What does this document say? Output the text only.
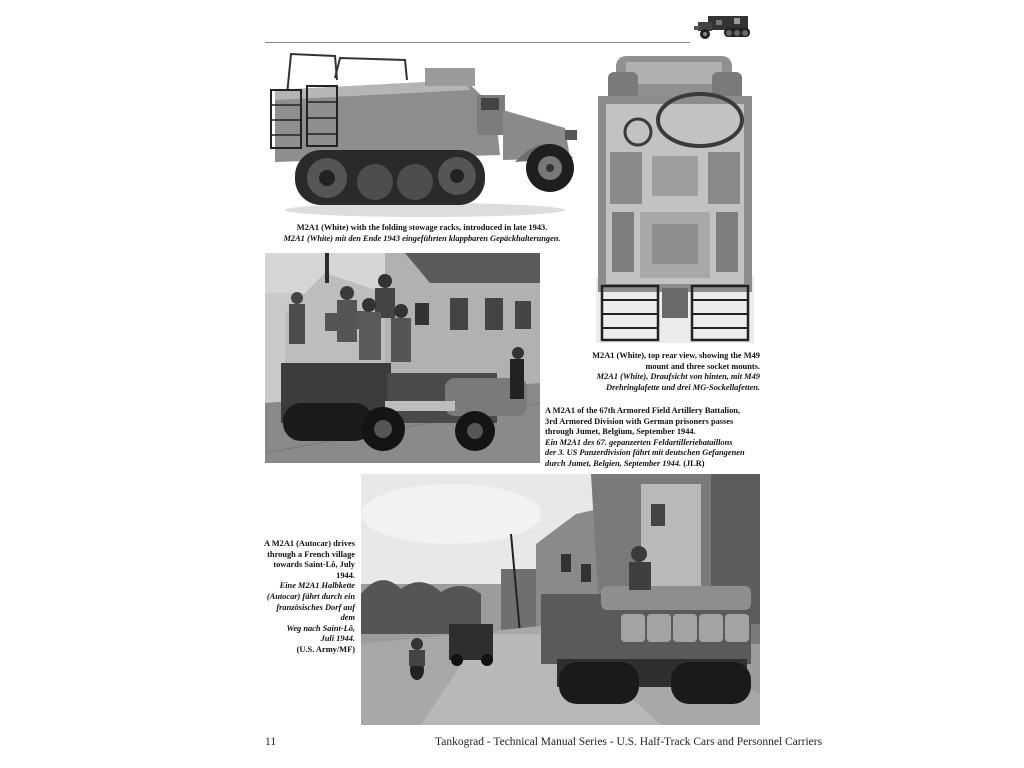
M2A1 (White) with the folding stowage racks, introduced in late 1943.
M2A1 (White) mit den Ende 1943 eingeführten klappbaren Gepäckhalterungen.
M2A1 (White), top rear view, showing the M49
mount and three socket mounts.
M2A1 (White), Draufsicht von hinten, mit M49
Drehringlafette und drei MG-Sockellafetten.
A M2A1 of the 67th Armored Field Artillery Battalion,
3rd Armored Division with German prisoners passes
through Jumet, Belgium, September 1944.
Ein M2A1 des 67. gepanzerten Feldartilleriebataillons
der 3. US Panzerdivision fährt mit deutschen Gefangenen
durch Jumet, Belgien, September 1944. (JLR)
A M2A1 (Autocar) drives
through a French village
towards Saint-Lô, July
1944.
Eine M2A1 Halbkette
(Autocar) fährt durch ein
französisches Dorf auf dem
Weg nach Saint-Lô,
Juli 1944.
(U.S. Army/MF)
11	Tankograd - Technical Manual Series - U.S. Half-Track Cars and Personnel Carriers
